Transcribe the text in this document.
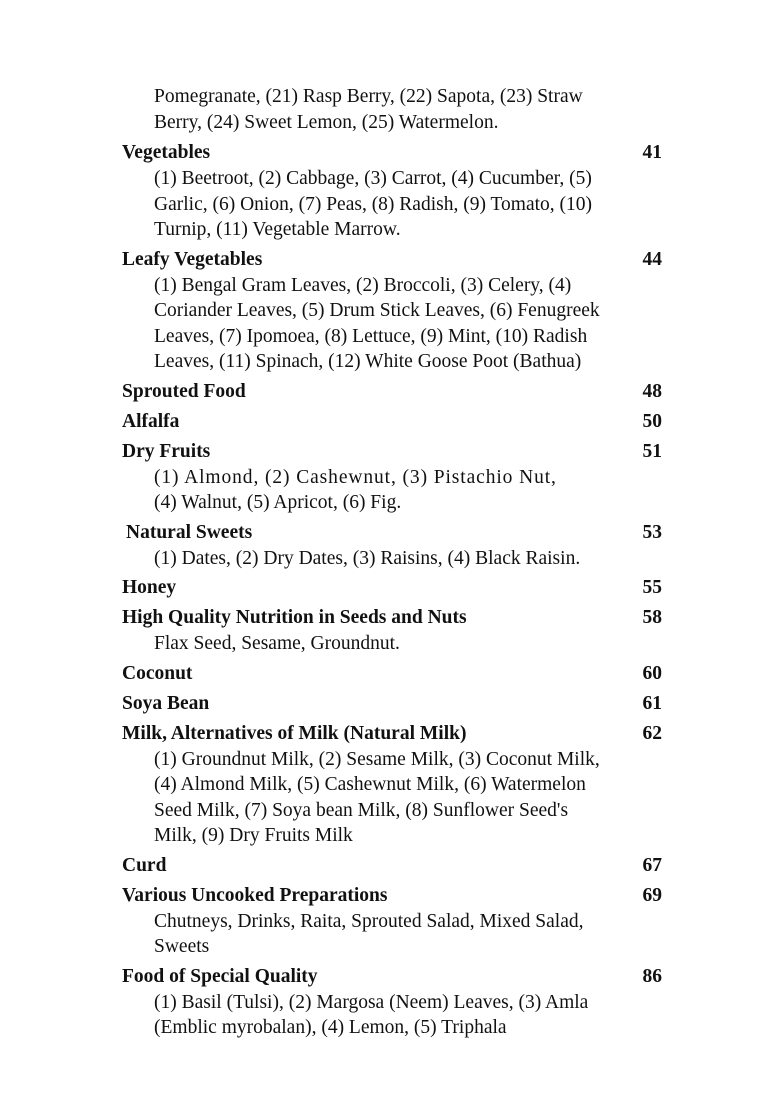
Pomegranate, (21) Rasp Berry, (22) Sapota, (23) Straw
Berry, (24) Sweet Lemon, (25) Watermelon.
Vegetables	41
(1) Beetroot, (2) Cabbage, (3) Carrot, (4) Cucumber, (5)
Garlic, (6) Onion, (7) Peas, (8) Radish, (9) Tomato, (10)
Turnip, (11) Vegetable Marrow.
Leafy Vegetables	44
(1) Bengal Gram Leaves, (2) Broccoli, (3) Celery, (4)
Coriander Leaves, (5) Drum Stick Leaves, (6) Fenugreek
Leaves, (7) Ipomoea, (8) Lettuce, (9) Mint, (10) Radish
Leaves, (11) Spinach, (12) White Goose Poot (Bathua)
Sprouted Food	48
Alfalfa	50
Dry Fruits	51
(1) Almond, (2) Cashewnut, (3) Pistachio Nut,
(4) Walnut, (5) Apricot, (6) Fig.
Natural Sweets	53
(1) Dates, (2) Dry Dates, (3) Raisins, (4) Black Raisin.
Honey	55
High Quality Nutrition in Seeds and Nuts	58
Flax Seed, Sesame, Groundnut.
Coconut	60
Soya Bean	61
Milk, Alternatives of Milk (Natural Milk)	62
(1) Groundnut Milk, (2) Sesame Milk, (3) Coconut Milk,
(4) Almond Milk, (5) Cashewnut Milk, (6) Watermelon
Seed Milk, (7) Soya bean Milk, (8) Sunflower Seed's
Milk, (9) Dry Fruits Milk
Curd	67
Various Uncooked Preparations	69
Chutneys, Drinks, Raita, Sprouted Salad, Mixed Salad,
Sweets
Food of Special Quality	86
(1) Basil (Tulsi), (2) Margosa (Neem) Leaves, (3) Amla
(Emblic myrobalan), (4) Lemon, (5) Triphala
